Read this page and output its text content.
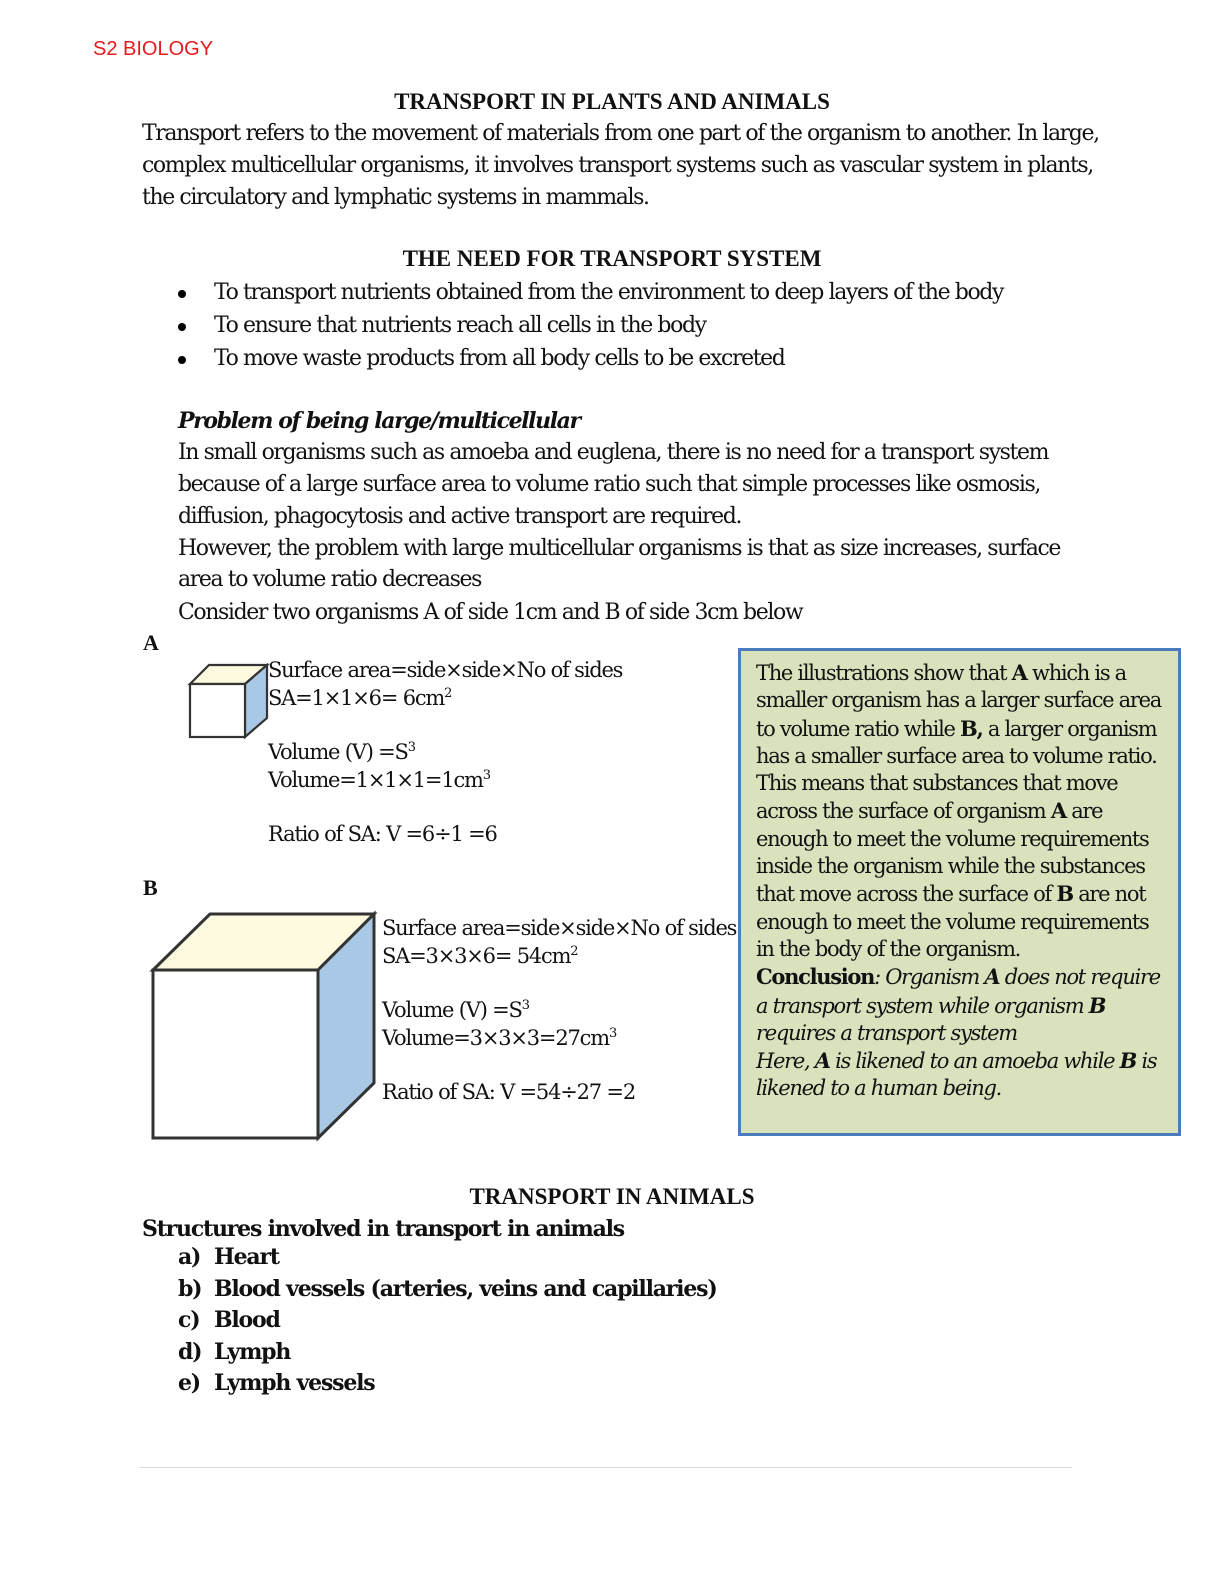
S2 BIOLOGY
TRANSPORT IN PLANTS AND ANIMALS
Transport refers to the movement of materials from one part of the organism to another. In large,
complex multicellular organisms, it involves transport systems such as vascular system in plants,
the circulatory and lymphatic systems in mammals.
THE NEED FOR TRANSPORT SYSTEM
To transport nutrients obtained from the environment to deep layers of the body
To ensure that nutrients reach all cells in the body
To move waste products from all body cells to be excreted
Problem of being large/multicellular
In small organisms such as amoeba and euglena, there is no need for a transport system
because of a large surface area to volume ratio such that simple processes like osmosis,
diffusion, phagocytosis and active transport are required.
However, the problem with large multicellular organisms is that as size increases, surface
area to volume ratio decreases
Consider two organisms A of side 1cm and B of side 3cm below
A
Surface area=side×side×No of sides
$SA=1\times 1\times 6= 6cm^2$
Volume $(V) =S^3$
$Volume=1\times 1\times 1=1cm^3$
Ratio of SA: V =6÷1 =6
B
Surface area=side×side×No of sides
$SA=3\times 3\times 6= 54cm^2$
Volume $(V) =S^3$
$Volume=3\times 3\times 3=27cm^3$
Ratio of SA: V =54÷27 =2

The illustrations show that A which is a smaller organism has a larger surface area to volume ratio while B, a larger organism has a smaller surface area to volume ratio.

This means that substances that move across the surface of organism A are enough to meet the volume requirements inside the organism while the substances that move across the surface of B are not enough to meet the volume requirements in the body of the organism.

Conclusion: Organism A does not require a transport system while organism B requires a transport system

Here, A is likened to an amoeba while B is likened to a human being.

TRANSPORT IN ANIMALS
Structures involved in transport in animals
a) Heart
b) Blood vessels (arteries, veins and capillaries)
c) Blood
d) Lymph
e) Lymph vessels
